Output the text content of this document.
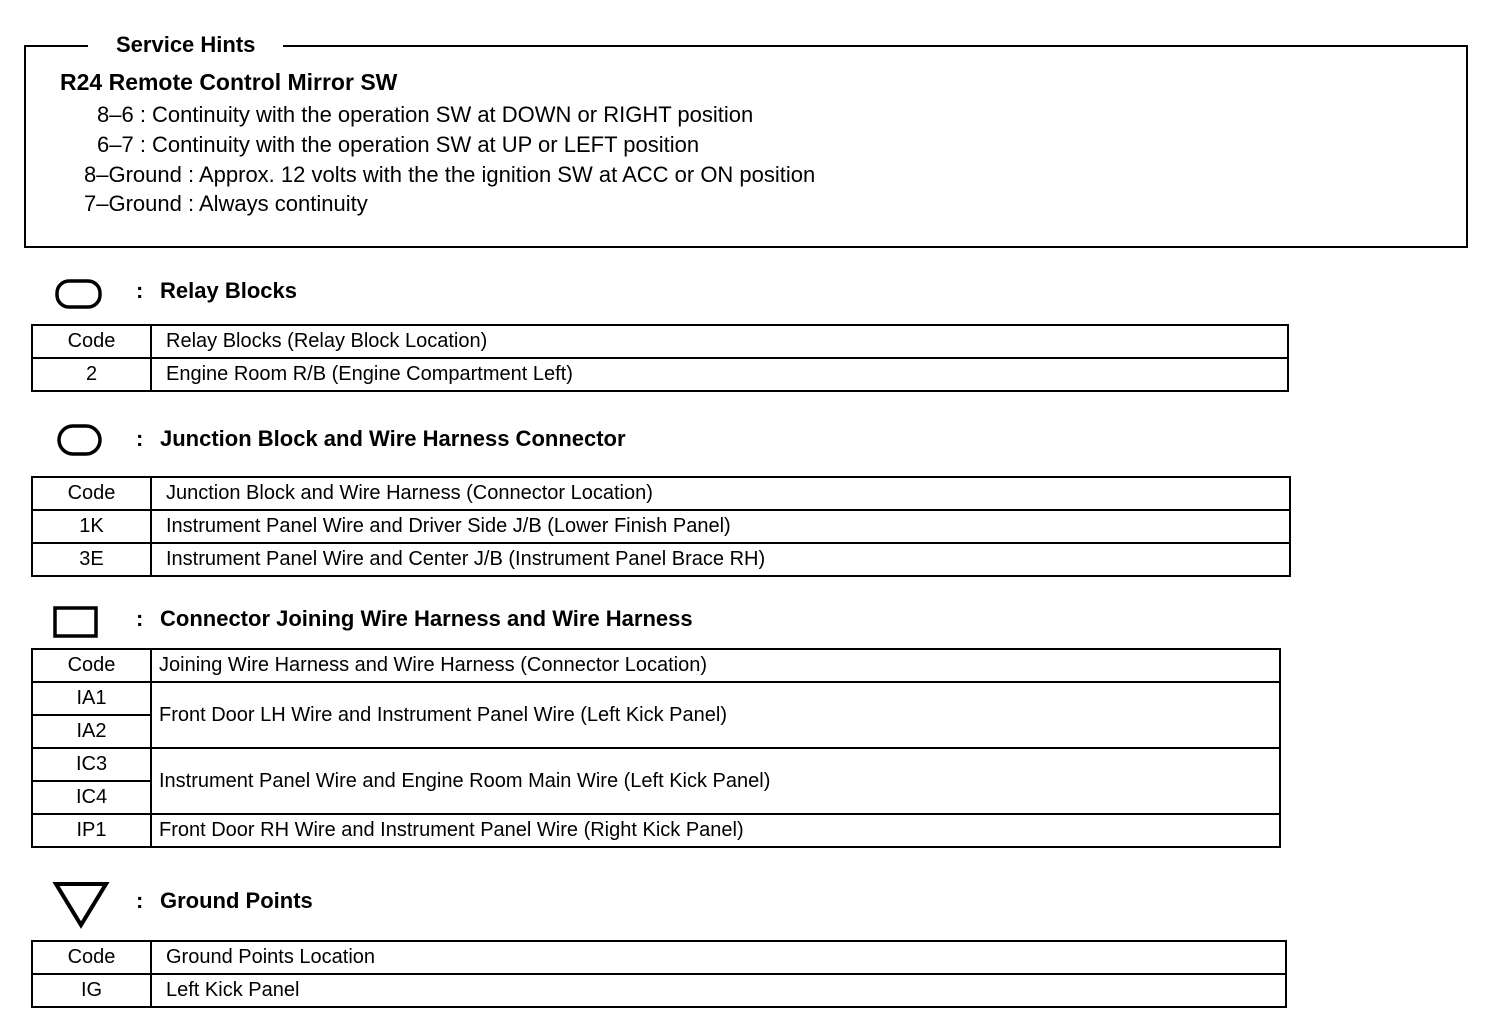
Service Hints
R24 Remote Control Mirror SW
8–6 : Continuity with the operation SW at DOWN or RIGHT position
6–7 : Continuity with the operation SW at UP or LEFT position
8–Ground : Approx. 12 volts with the the ignition SW at ACC or ON position
7–Ground : Always continuity
: Relay Blocks
Code	Relay Blocks (Relay Block Location)
2	Engine Room R/B (Engine Compartment Left)
: Junction Block and Wire Harness Connector
Code	Junction Block and Wire Harness (Connector Location)
1K	Instrument Panel Wire and Driver Side J/B (Lower Finish Panel)
3E	Instrument Panel Wire and Center J/B (Instrument Panel Brace RH)
: Connector Joining Wire Harness and Wire Harness
Code	Joining Wire Harness and Wire Harness (Connector Location)
IA1	Front Door LH Wire and Instrument Panel Wire (Left Kick Panel)
IA2	
IC3	Instrument Panel Wire and Engine Room Main Wire (Left Kick Panel)
IC4	
IP1	Front Door RH Wire and Instrument Panel Wire (Right Kick Panel)
: Ground Points
Code	Ground Points Location
IG	Left Kick Panel
